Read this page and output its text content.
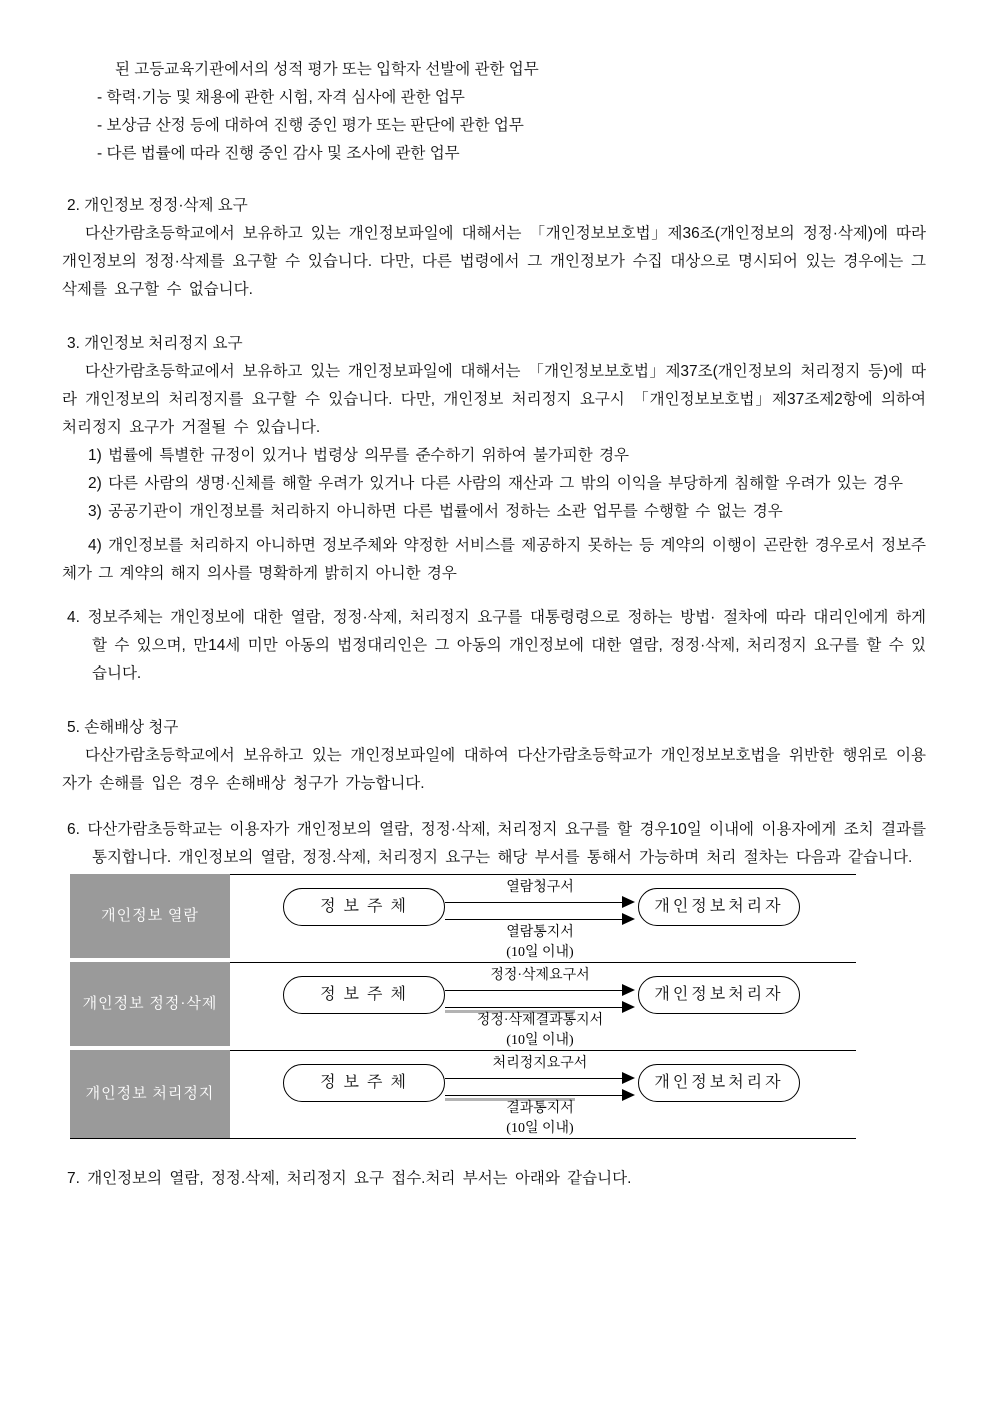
된 고등교육기관에서의 성적 평가 또는 입학자 선발에 관한 업무

- 학력·기능 및 채용에 관한 시험, 자격 심사에 관한 업무

- 보상금 산정 등에 대하여 진행 중인 평가 또는 판단에 관한 업무

- 다른 법률에 따라 진행 중인 감사 및 조사에 관한 업무

2. 개인정보 정정·삭제 요구

다산가람초등학교에서 보유하고 있는 개인정보파일에 대해서는 「개인정보보호법」제36조(개인정보의 정정·삭제)에 따라 개인정보의 정정·삭제를 요구할 수 있습니다. 다만, 다른 법령에서 그 개인정보가 수집 대상으로 명시되어 있는 경우에는 그 삭제를 요구할 수 없습니다.

3. 개인정보 처리정지 요구

다산가람초등학교에서 보유하고 있는 개인정보파일에 대해서는 「개인정보보호법」제37조(개인정보의 처리정지 등)에 따라 개인정보의 처리정지를 요구할 수 있습니다. 다만, 개인정보 처리정지 요구시 「개인정보보호법」제37조제2항에 의하여 처리정지 요구가 거절될 수 있습니다.

1) 법률에 특별한 규정이 있거나 법령상 의무를 준수하기 위하여 불가피한 경우

2) 다른 사람의 생명·신체를 해할 우려가 있거나 다른 사람의 재산과 그 밖의 이익을 부당하게 침해할 우려가 있는 경우

3) 공공기관이 개인정보를 처리하지 아니하면 다른 법률에서 정하는 소관 업무를 수행할 수 없는 경우

4) 개인정보를 처리하지 아니하면 정보주체와 약정한 서비스를 제공하지 못하는 등 계약의 이행이 곤란한 경우로서 정보주체가 그 계약의 해지 의사를 명확하게 밝히지 아니한 경우

4. 정보주체는 개인정보에 대한 열람, 정정·삭제, 처리정지 요구를 대통령령으로 정하는 방법· 절차에 따라 대리인에게 하게 할 수 있으며, 만14세 미만 아동의 법정대리인은 그 아동의 개인정보에 대한 열람, 정정·삭제, 처리정지 요구를 할 수 있습니다.

5. 손해배상 청구

다산가람초등학교에서 보유하고 있는 개인정보파일에 대하여 다산가람초등학교가 개인정보보호법을 위반한 행위로 이용자가 손해를 입은 경우 손해배상 청구가 가능합니다.

6. 다산가람초등학교는 이용자가 개인정보의 열람, 정정·삭제, 처리정지 요구를 할 경우10일 이내에 이용자에게 조치 결과를 통지합니다. 개인정보의 열람, 정정.삭제, 처리정지 요구는 해당 부서를 통해서 가능하며 처리 절차는 다음과 같습니다.

개인정보 열람
정 보 주 체
열람청구서
열람통지서
(10일 이내)
개인정보처리자
개인정보 정정·삭제
정 보 주 체
정정·삭제요구서
정정·삭제결과통지서
(10일 이내)
개인정보처리자
개인정보 처리정지
정 보 주 체
처리정지요구서
결과통지서
(10일 이내)
개인정보처리자

7. 개인정보의 열람, 정정.삭제, 처리정지 요구 접수.처리 부서는 아래와 같습니다.
